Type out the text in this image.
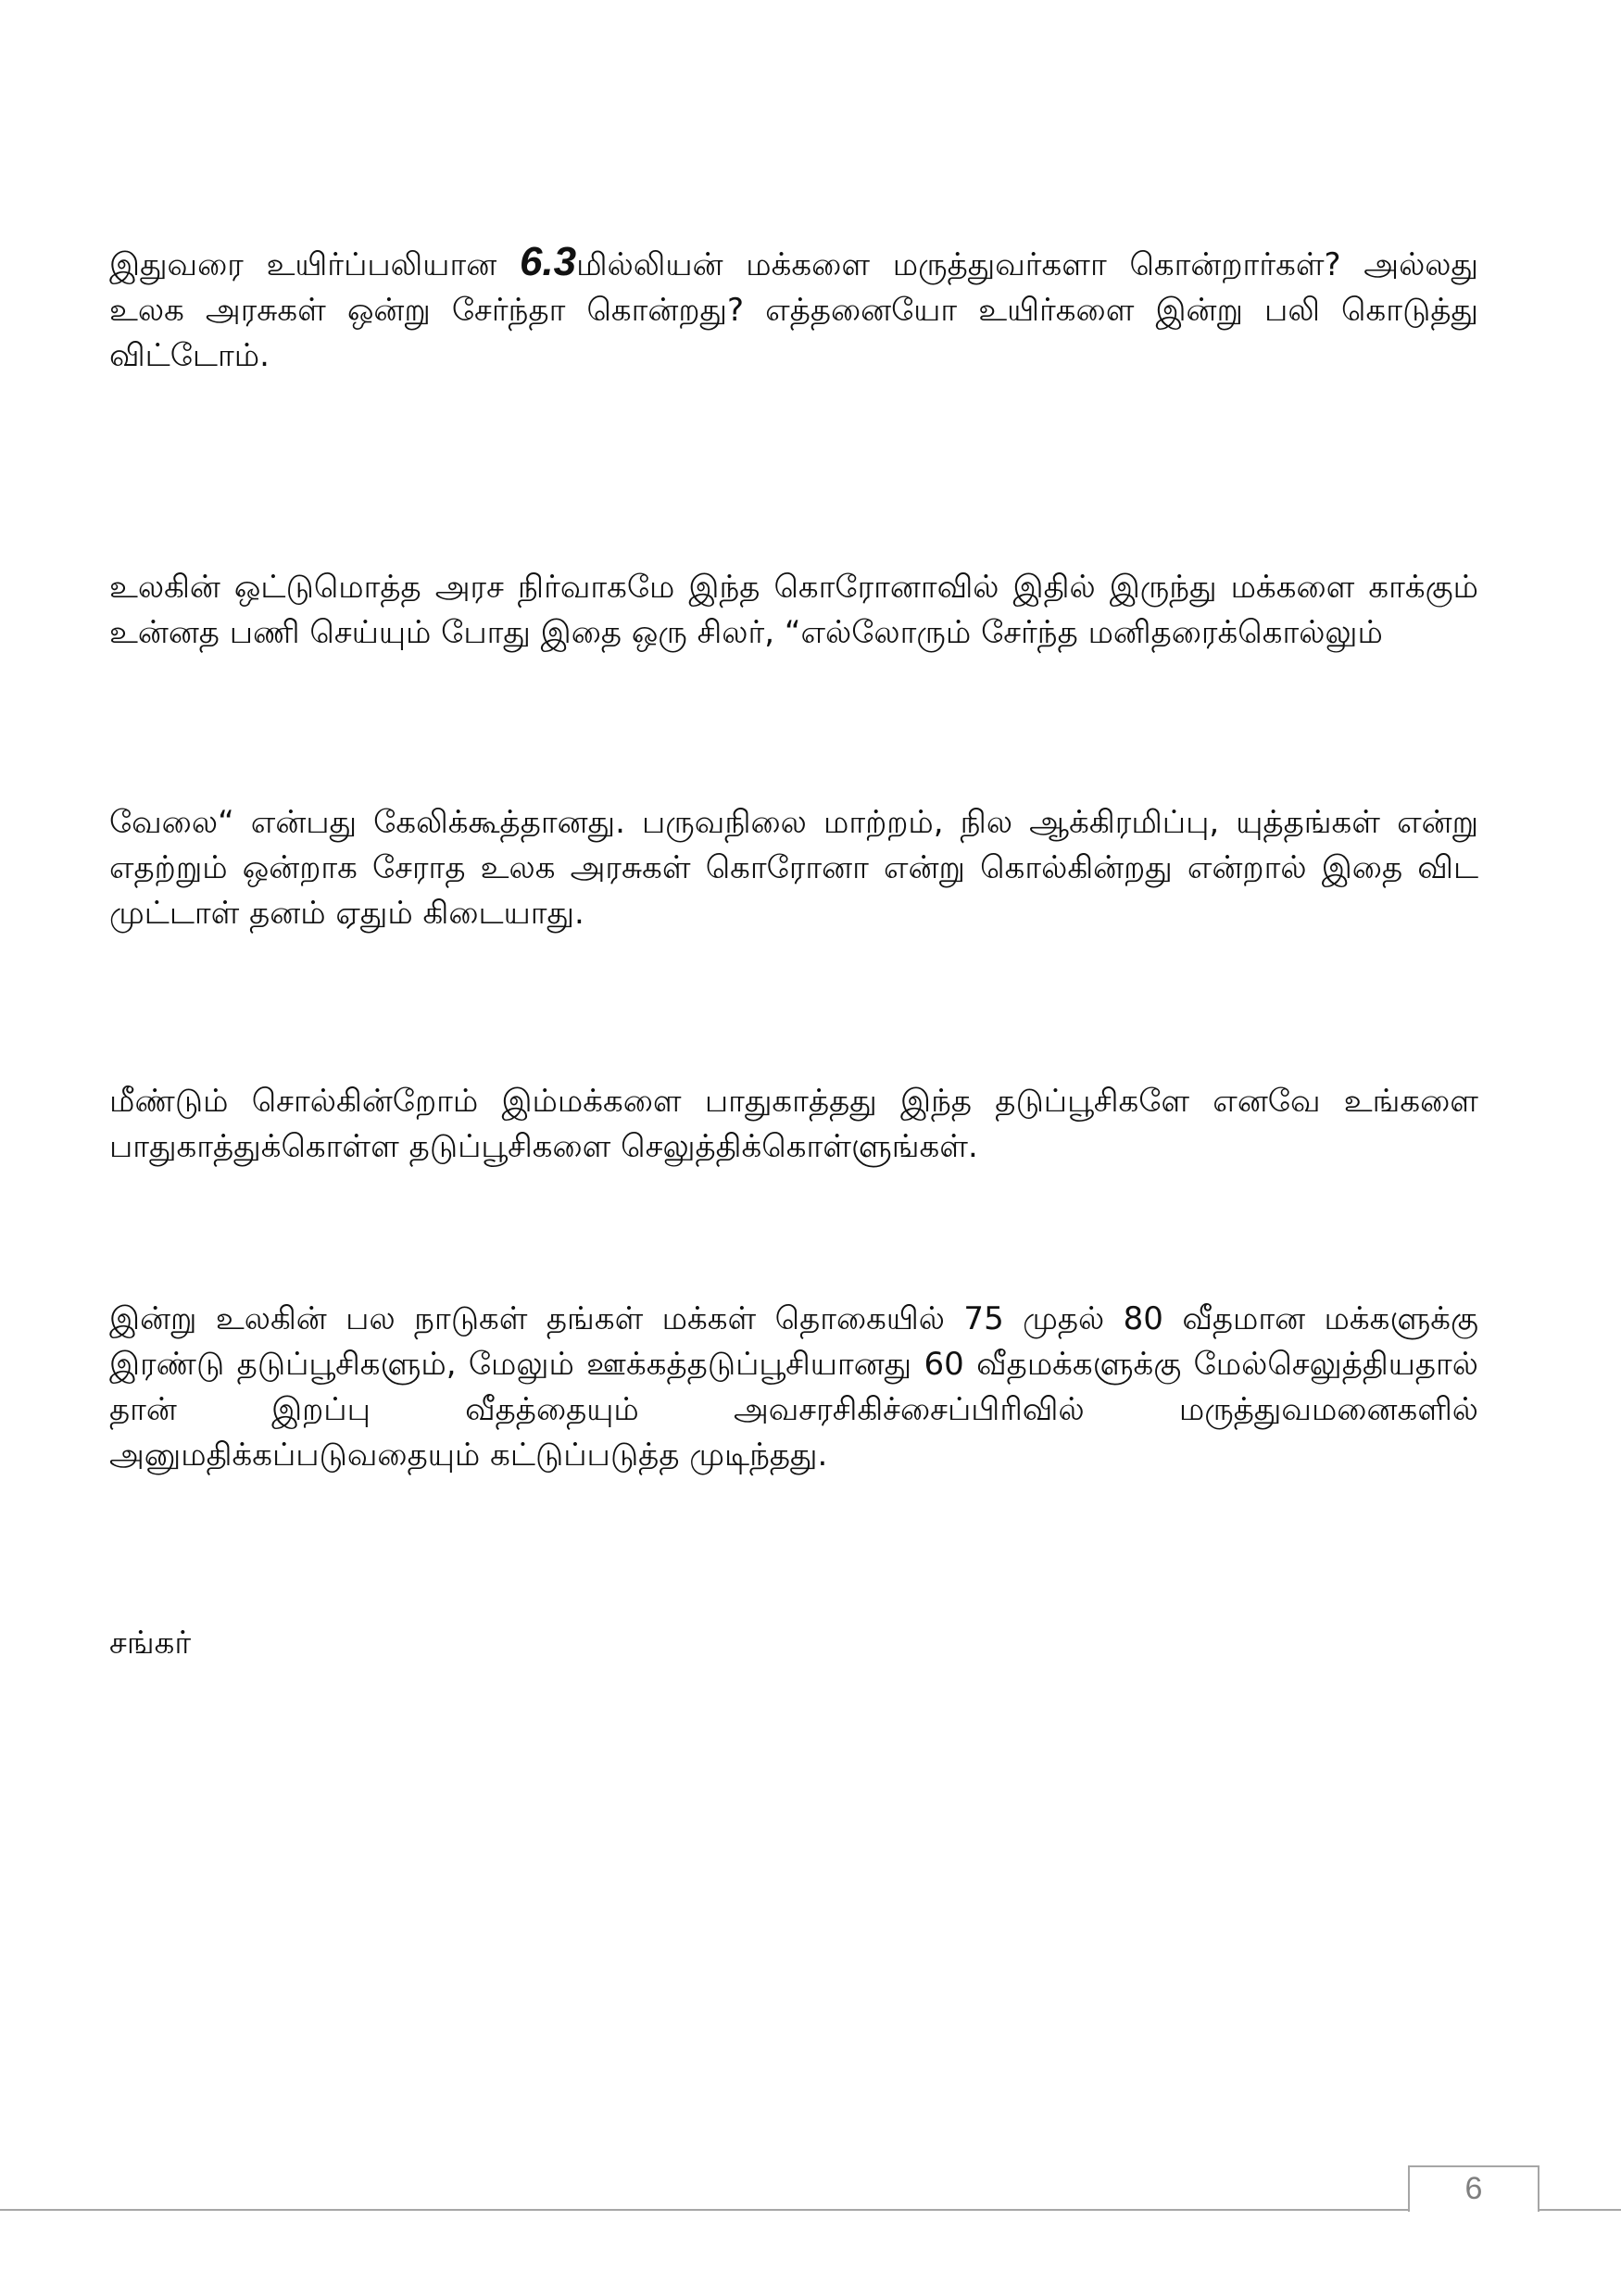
இதுவரை உயிர்ப்பலியான 6.3மில்லியன் மக்களை மருத்துவர்களா கொன்றார்கள்? அல்லது உலக அரசுகள் ஒன்று சேர்ந்தா கொன்றது? எத்தனையோ உயிர்களை இன்று பலி கொடுத்து விட்டோம்.

உலகின் ஒட்டுமொத்த அரச நிர்வாகமே இந்த கொரோனாவில் இதில் இருந்து மக்களை காக்கும் உன்னத பணி செய்யும் போது இதை ஒரு சிலர், “எல்லோரும் சேர்ந்த மனிதரைக்கொல்லும்

வேலை“ என்பது கேலிக்கூத்தானது. பருவநிலை மாற்றம், நில ஆக்கிரமிப்பு, யுத்தங்கள் என்று எதற்றும் ஒன்றாக சேராத உலக அரசுகள் கொரோனா என்று கொல்கின்றது என்றால் இதை விட முட்டாள் தனம் ஏதும் கிடையாது.

மீண்டும் சொல்கின்றோம் இம்மக்களை பாதுகாத்தது இந்த தடுப்பூசிகளே எனவே உங்களை பாதுகாத்துக்கொள்ள தடுப்பூசிகளை செலுத்திக்கொள்ளுங்கள்.

இன்று உலகின் பல நாடுகள் தங்கள் மக்கள் தொகையில் 75 முதல் 80 வீதமான மக்களுக்கு இரண்டு தடுப்பூசிகளும், மேலும் ஊக்கத்தடுப்பூசியானது 60 வீதமக்களுக்கு மேல்செலுத்தியதால் தான் இறப்பு வீதத்தையும் அவசரசிகிச்சைப்பிரிவில் மருத்துவமனைகளில் அனுமதிக்கப்படுவதையும் கட்டுப்படுத்த முடிந்தது.

சங்கர்
6
